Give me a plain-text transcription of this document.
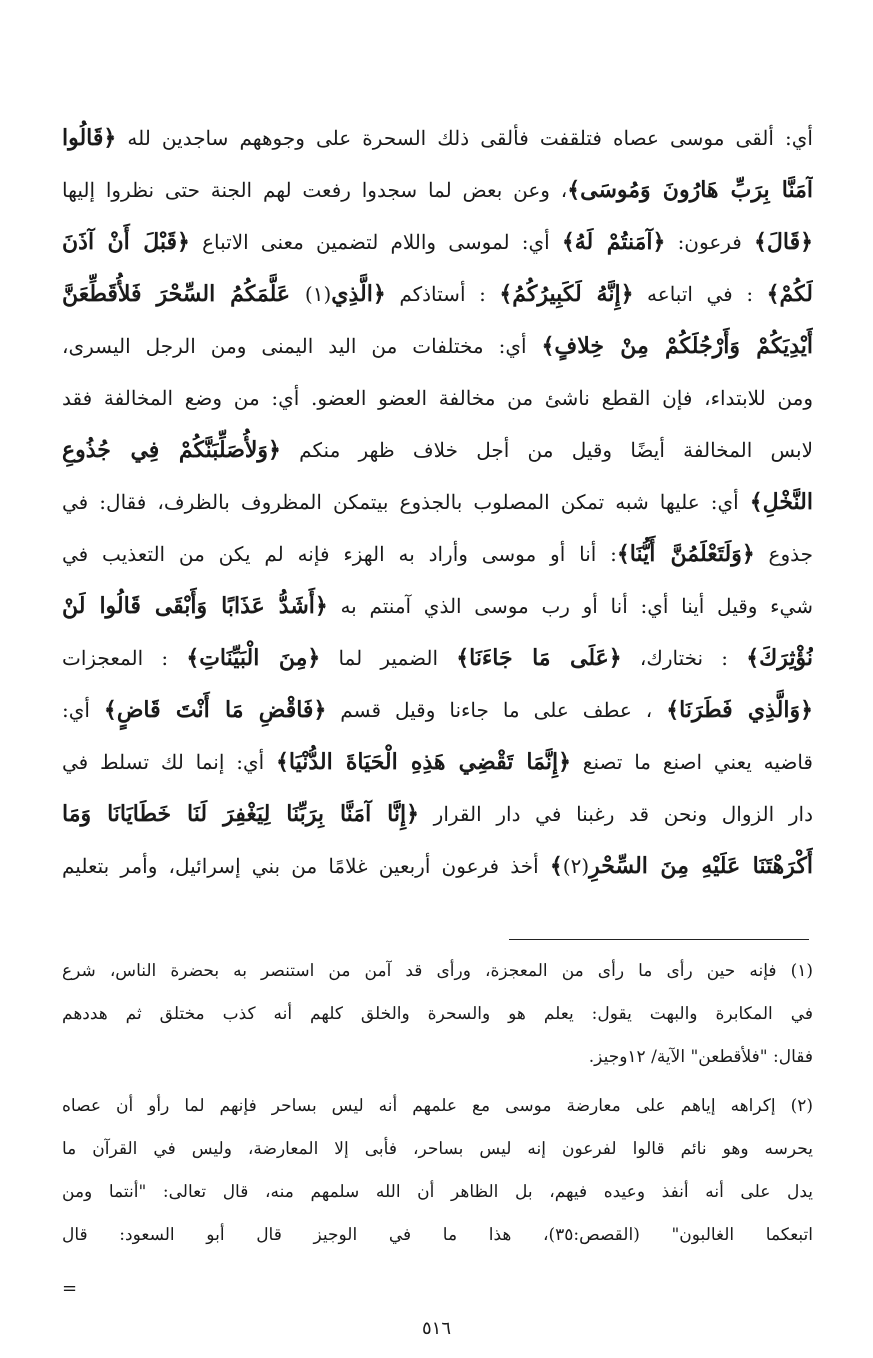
أي: ألقى موسى عصاه فتلقفت فألقى ذلك السحرة على وجوههم ساجدين لله ﴿قَالُوا
آمَنَّا بِرَبِّ هَارُونَ وَمُوسَى﴾، وعن بعض لما سجدوا رفعت لهم الجنة حتى نظروا إليها
﴿قَالَ﴾ فرعون: ﴿آمَنتُمْ لَهُ﴾ أي: لموسى واللام لتضمين معنى الاتباع ﴿قَبْلَ أَنْ آذَنَ
لَكُمْ﴾ : في اتباعه ﴿إِنَّهُ لَكَبِيرُكُمُ﴾ : أستاذكم ﴿الَّذِي(١) عَلَّمَكُمُ السِّحْرَ فَلأُقَطِّعَنَّ
أَيْدِيَكُمْ وَأَرْجُلَكُمْ مِنْ خِلافٍ﴾ أي: مختلفات من اليد اليمنى ومن الرجل اليسرى،
ومن للابتداء، فإن القطع ناشئ من مخالفة العضو العضو. أي: من وضع المخالفة فقد
لابس المخالفة أيضًا وقيل من أجل خلاف ظهر منكم ﴿وَلأُصَلِّبَنَّكُمْ فِي جُذُوعِ
النَّخْلِ﴾ أي: عليها شبه تمكن المصلوب بالجذوع بيتمكن المظروف بالظرف، فقال: في
جذوع ﴿وَلَتَعْلَمُنَّ أَيُّنَا﴾: أنا أو موسى وأراد به الهزء فإنه لم يكن من التعذيب في
شيء وقيل أينا أي: أنا أو رب موسى الذي آمنتم به ﴿أَشَدُّ عَذَابًا وَأَبْقَى قَالُوا لَنْ
نُؤْثِرَكَ﴾ : نختارك، ﴿عَلَى مَا جَاءَنَا﴾ الضمير لما ﴿مِنَ الْبَيِّنَاتِ﴾ : المعجزات
﴿وَالَّذِي فَطَرَنَا﴾ ، عطف على ما جاءنا وقيل قسم ﴿فَاقْضِ مَا أَنْتَ قَاضٍ﴾ أي:
قاضيه يعني اصنع ما تصنع ﴿إِنَّمَا تَقْضِي هَذِهِ الْحَيَاةَ الدُّنْيَا﴾ أي: إنما لك تسلط في
دار الزوال ونحن قد رغبنا في دار القرار ﴿إِنَّا آمَنَّا بِرَبِّنَا لِيَغْفِرَ لَنَا خَطَايَانَا وَمَا
أَكْرَهْتَنَا عَلَيْهِ مِنَ السِّحْرِ(٢)﴾ أخذ فرعون أربعين غلامًا من بني إسرائيل، وأمر بتعليم
(١) فإنه حين رأى ما رأى من المعجزة، ورأى قد آمن من استنصر به بحضرة الناس، شرع
في المكابرة والبهت يقول: يعلم هو والسحرة والخلق كلهم أنه كذب مختلق ثم هددهم
فقال: "فلأقطعن" الآية/ ١٢وجيز.
(٢) إكراهه إياهم على معارضة موسى مع علمهم أنه ليس بساحر فإنهم لما رأو أن عصاه
يحرسه وهو نائم قالوا لفرعون إنه ليس بساحر، فأبى إلا المعارضة، وليس في القرآن ما
يدل على أنه أنفذ وعيده فيهم، بل الظاهر أن الله سلمهم منه، قال تعالى: "أنتما ومن
اتبعكما الغالبون" (القصص:٣٥)، هذا ما في الوجيز قال أبو السعود: قال
=
٥١٦
